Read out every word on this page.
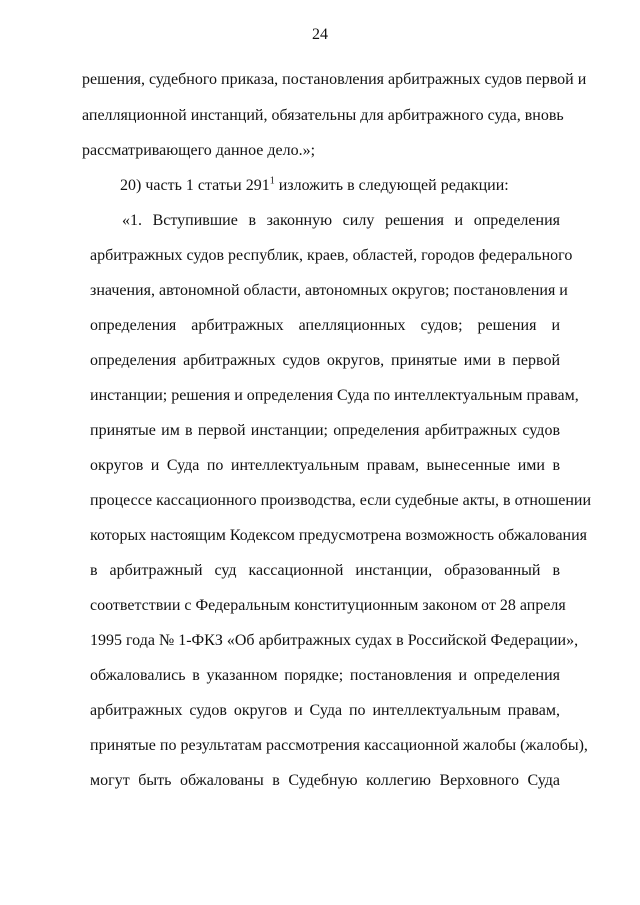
24
решения, судебного приказа, постановления арбитражных судов первой и
апелляционной инстанций, обязательны для арбитражного суда, вновь
рассматривающего данное дело.»;
20) часть 1 статьи $291^1$ изложить в следующей редакции:
«1. Вступившие в законную силу решения и определения
арбитражных судов республик, краев, областей, городов федерального
значения, автономной области, автономных округов; постановления и
определения арбитражных апелляционных судов; решения и
определения арбитражных судов округов, принятые ими в первой
инстанции; решения и определения Суда по интеллектуальным правам,
принятые им в первой инстанции; определения арбитражных судов
округов и Суда по интеллектуальным правам, вынесенные ими в
процессе кассационного производства, если судебные акты, в отношении
которых настоящим Кодексом предусмотрена возможность обжалования
в арбитражный суд кассационной инстанции, образованный в
соответствии с Федеральным конституционным законом от 28 апреля
1995 года № 1-ФКЗ «Об арбитражных судах в Российской Федерации»,
обжаловались в указанном порядке; постановления и определения
арбитражных судов округов и Суда по интеллектуальным правам,
принятые по результатам рассмотрения кассационной жалобы (жалобы),
могут быть обжалованы в Судебную коллегию Верховного Суда
